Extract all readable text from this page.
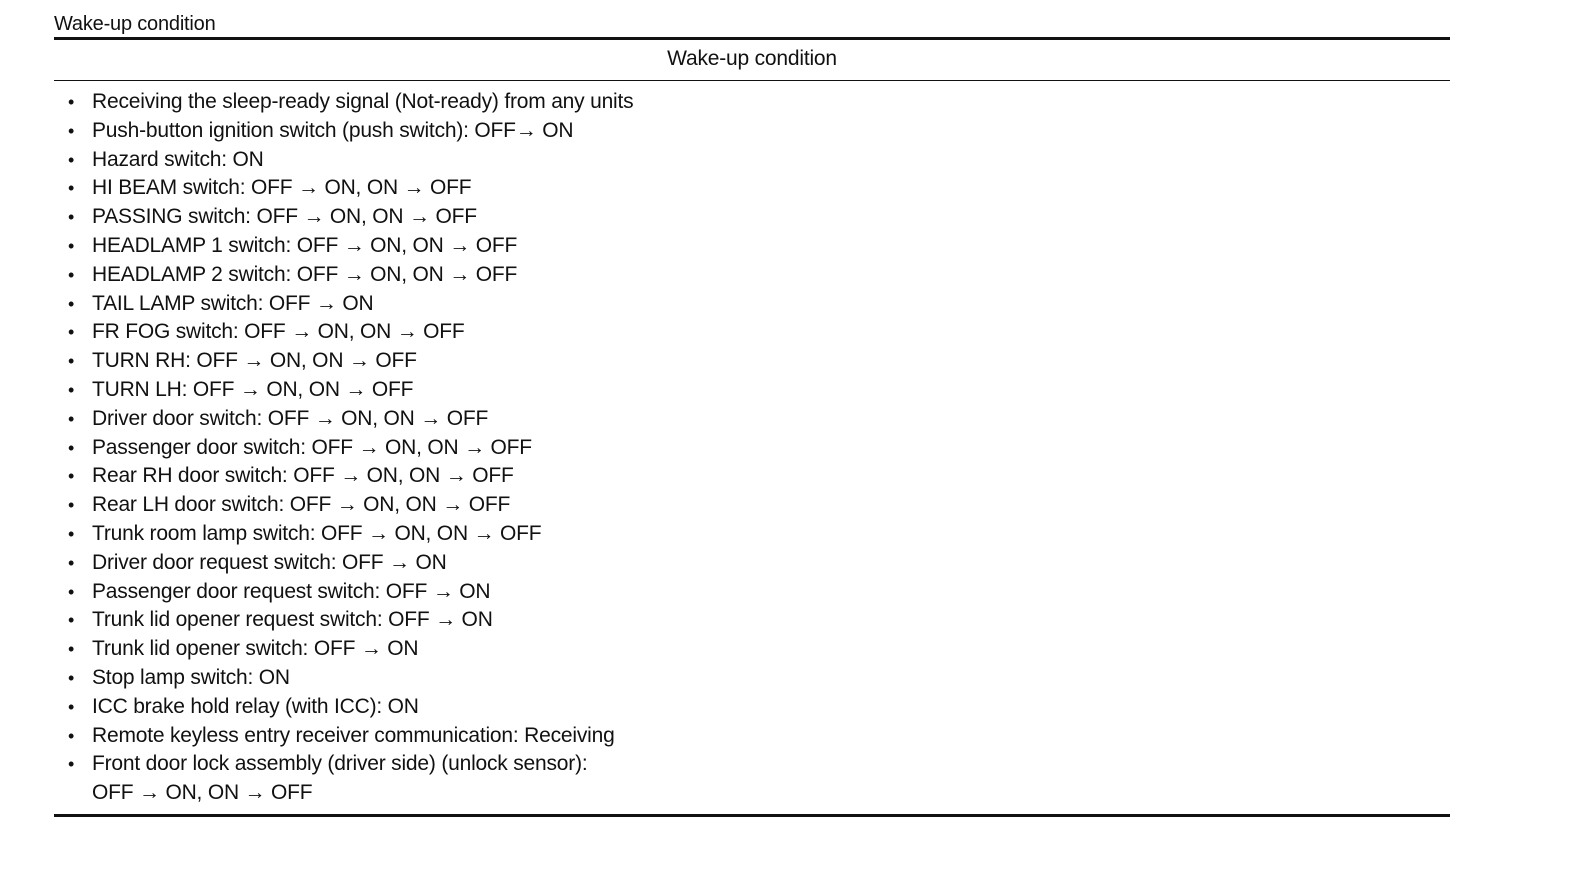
Wake-up condition
Wake-up condition
• Receiving the sleep-ready signal (Not-ready) from any units
• Push-button ignition switch (push switch): OFF→ ON
• Hazard switch: ON
• HI BEAM switch: OFF → ON, ON → OFF
• PASSING switch: OFF → ON, ON → OFF
• HEADLAMP 1 switch: OFF → ON, ON → OFF
• HEADLAMP 2 switch: OFF → ON, ON → OFF
• TAIL LAMP switch: OFF → ON
• FR FOG switch: OFF → ON, ON → OFF
• TURN RH: OFF → ON, ON → OFF
• TURN LH: OFF → ON, ON → OFF
• Driver door switch: OFF → ON, ON → OFF
• Passenger door switch: OFF → ON, ON → OFF
• Rear RH door switch: OFF → ON, ON → OFF
• Rear LH door switch: OFF → ON, ON → OFF
• Trunk room lamp switch: OFF → ON, ON → OFF
• Driver door request switch: OFF → ON
• Passenger door request switch: OFF → ON
• Trunk lid opener request switch: OFF → ON
• Trunk lid opener switch: OFF → ON
• Stop lamp switch: ON
• ICC brake hold relay (with ICC): ON
• Remote keyless entry receiver communication: Receiving
• Front door lock assembly (driver side) (unlock sensor):
OFF → ON, ON → OFF
